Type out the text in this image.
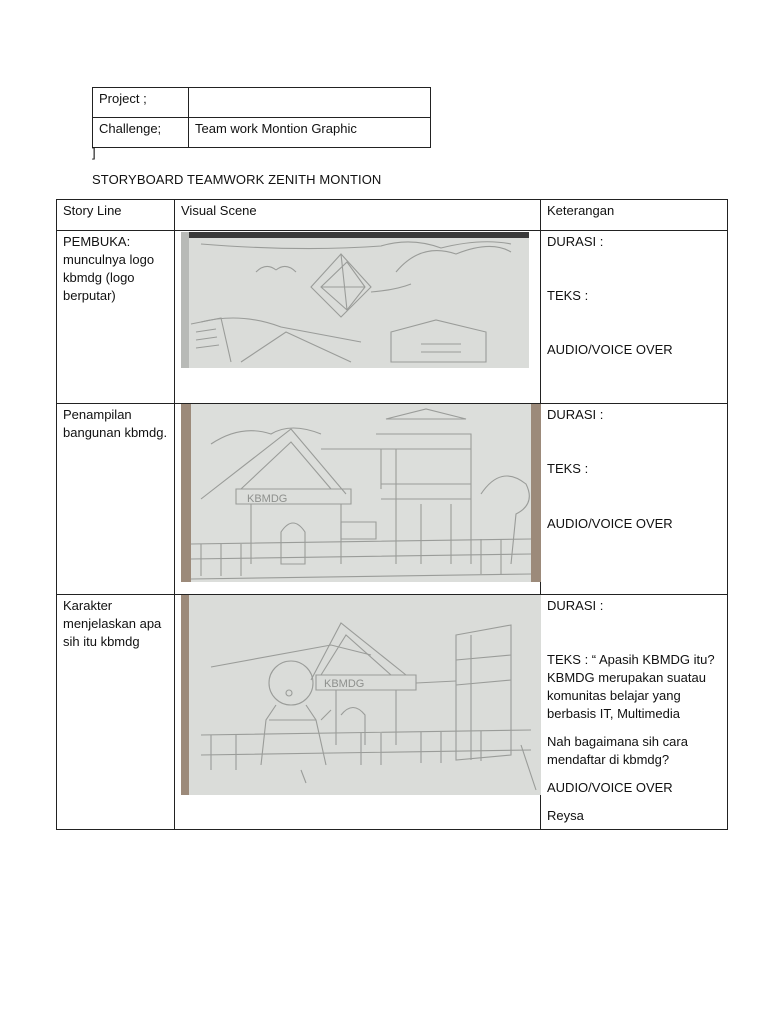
Project ;	
Challenge;	Team work Montion Graphic
]
STORYBOARD TEAMWORK ZENITH MONTION
Story Line	Visual Scene	Keterangan
PEMBUKA: munculnya logo kbmdg (logo berputar)		DURASI :

TEKS :

AUDIO/VOICE OVER

Penampilan bangunan kbmdg.	KBMDG	DURASI :

TEKS :

AUDIO/VOICE OVER

Karakter menjelaskan apa sih itu kbmdg	KBMDG	DURASI :

TEKS : “ Apasih KBMDG itu? KBMDG merupakan suatau komunitas belajar yang berbasis IT, Multimedia

Nah bagaimana sih cara mendaftar di kbmdg?

AUDIO/VOICE OVER

Reysa
